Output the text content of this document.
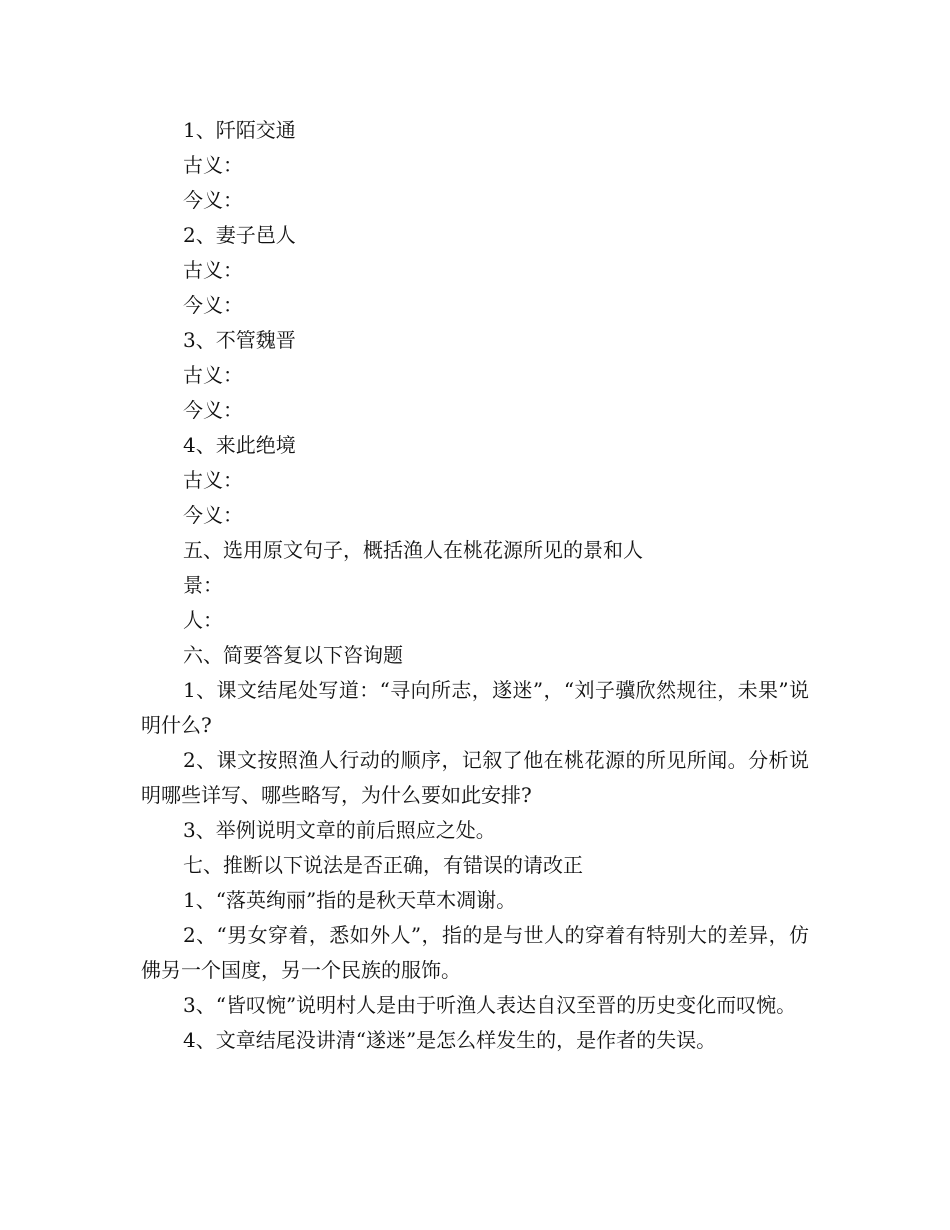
1、阡陌交通

古义：

今义：

2、妻子邑人

古义：

今义：

3、不管魏晋

古义：

今义：

4、来此绝境

古义：

今义：

五、选用原文句子，概括渔人在桃花源所见的景和人

景：

人：

六、简要答复以下咨询题

1、课文结尾处写道：“寻向所志，遂迷”，“刘子骥欣然规往，未果”说明什么?

2、课文按照渔人行动的顺序，记叙了他在桃花源的所见所闻。分析说明哪些详写、哪些略写，为什么要如此安排?

3、举例说明文章的前后照应之处。

七、推断以下说法是否正确，有错误的请改正

1、“落英绚丽”指的是秋天草木凋谢。

2、“男女穿着，悉如外人”，指的是与世人的穿着有特别大的差异，仿佛另一个国度，另一个民族的服饰。

3、“皆叹惋”说明村人是由于听渔人表达自汉至晋的历史变化而叹惋。

4、文章结尾没讲清“遂迷”是怎么样发生的，是作者的失误。
